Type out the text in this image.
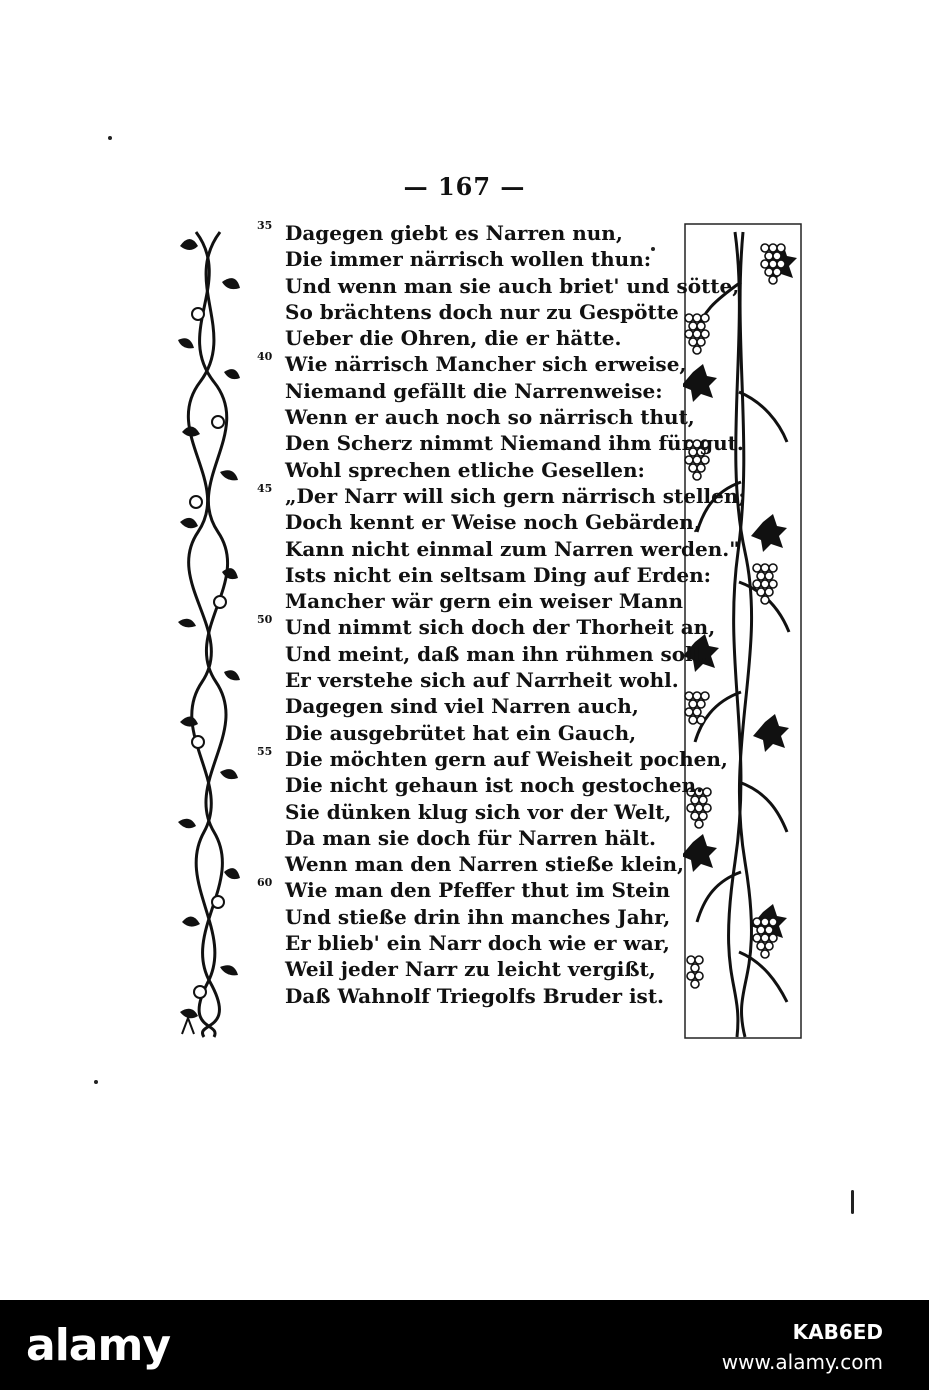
— 167 —
35 Dagegen giebt es Narren nun,
Die immer närrisch wollen thun:
Und wenn man sie auch briet' und sötte,
So brächtens doch nur zu Gespötte
Ueber die Ohren, die er hätte.
40 Wie närrisch Mancher sich erweise,
Niemand gefällt die Narrenweise:
Wenn er auch noch so närrisch thut,
Den Scherz nimmt Niemand ihm für gut.
Wohl sprechen etliche Gesellen:
45 „Der Narr will sich gern närrisch stellen;
Doch kennt er Weise noch Gebärden,
Kann nicht einmal zum Narren werden."
Ists nicht ein seltsam Ding auf Erden:
Mancher wär gern ein weiser Mann
50 Und nimmt sich doch der Thorheit an,
Und meint, daß man ihn rühmen soll,
Er verstehe sich auf Narrheit wohl.
Dagegen sind viel Narren auch,
Die ausgebrütet hat ein Gauch,
55 Die möchten gern auf Weisheit pochen,
Die nicht gehaun ist noch gestochen.
Sie dünken klug sich vor der Welt,
Da man sie doch für Narren hält.
Wenn man den Narren stieße klein,
60 Wie man den Pfeffer thut im Stein
Und stieße drin ihn manches Jahr,
Er blieb' ein Narr doch wie er war,
Weil jeder Narr zu leicht vergißt,
Daß Wahnolf Triegolfs Bruder ist.
alamy	KAB6ED
www.alamy.com
